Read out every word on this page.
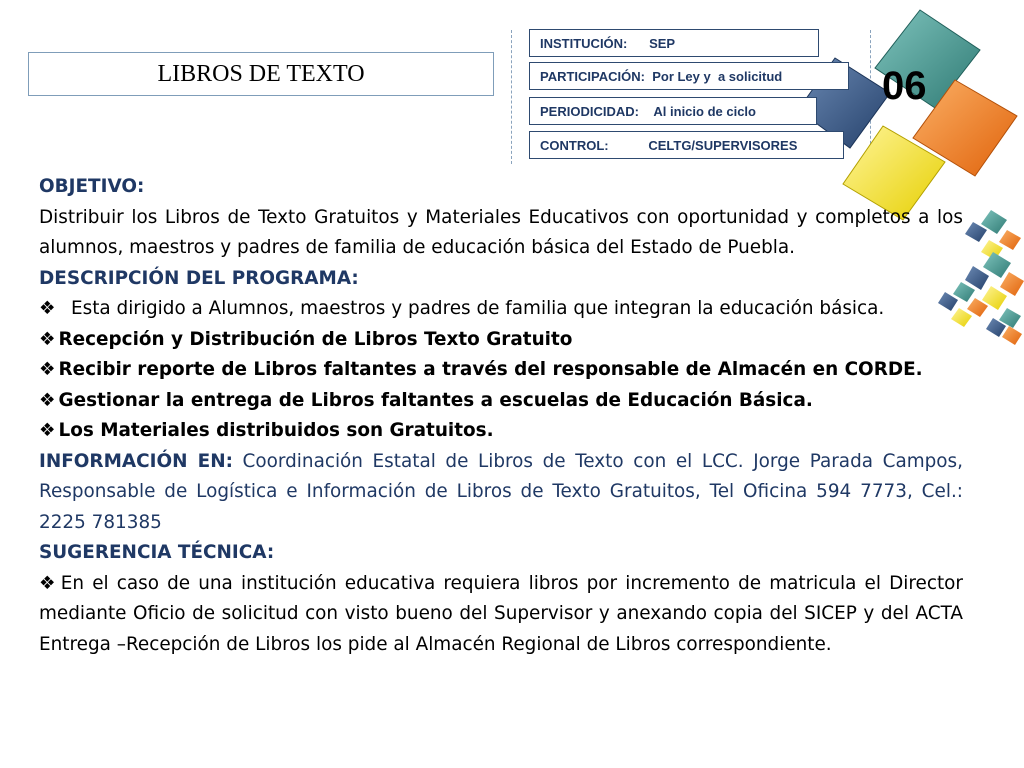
LIBROS DE TEXTO
INSTITUCIÓN:
SEP
PARTICIPACIÓN:
Por Ley y  a solicitud
PERIODICIDAD:
Al inicio de ciclo
CONTROL:
	CELTG/SUPERVISORES
06

OBJETIVO:

Distribuir los Libros de Texto Gratuitos y Materiales Educativos con oportunidad y completos a los alumnos, maestros y padres de familia de educación básica del Estado de Puebla.

DESCRIPCIÓN DEL PROGRAMA:

❖ Esta dirigido a Alumnos, maestros y padres de familia que integran la educación básica.

❖ Recepción y Distribución de Libros Texto Gratuito

❖ Recibir reporte de Libros faltantes a través del responsable de Almacén en CORDE.

❖ Gestionar la entrega de Libros faltantes a escuelas de Educación Básica.

❖ Los Materiales distribuidos son Gratuitos.

INFORMACIÓN EN: Coordinación Estatal de Libros de Texto con el LCC. Jorge Parada Campos, Responsable de Logística e Información de Libros de Texto Gratuitos, Tel Oficina 594 7773, Cel.: 2225 781385

SUGERENCIA TÉCNICA:

❖ En el caso de una institución educativa requiera libros por incremento de matricula el Director mediante Oficio de solicitud con visto bueno del Supervisor y anexando copia del SICEP y del ACTA Entrega –Recepción de Libros los pide al Almacén Regional de Libros correspondiente.
